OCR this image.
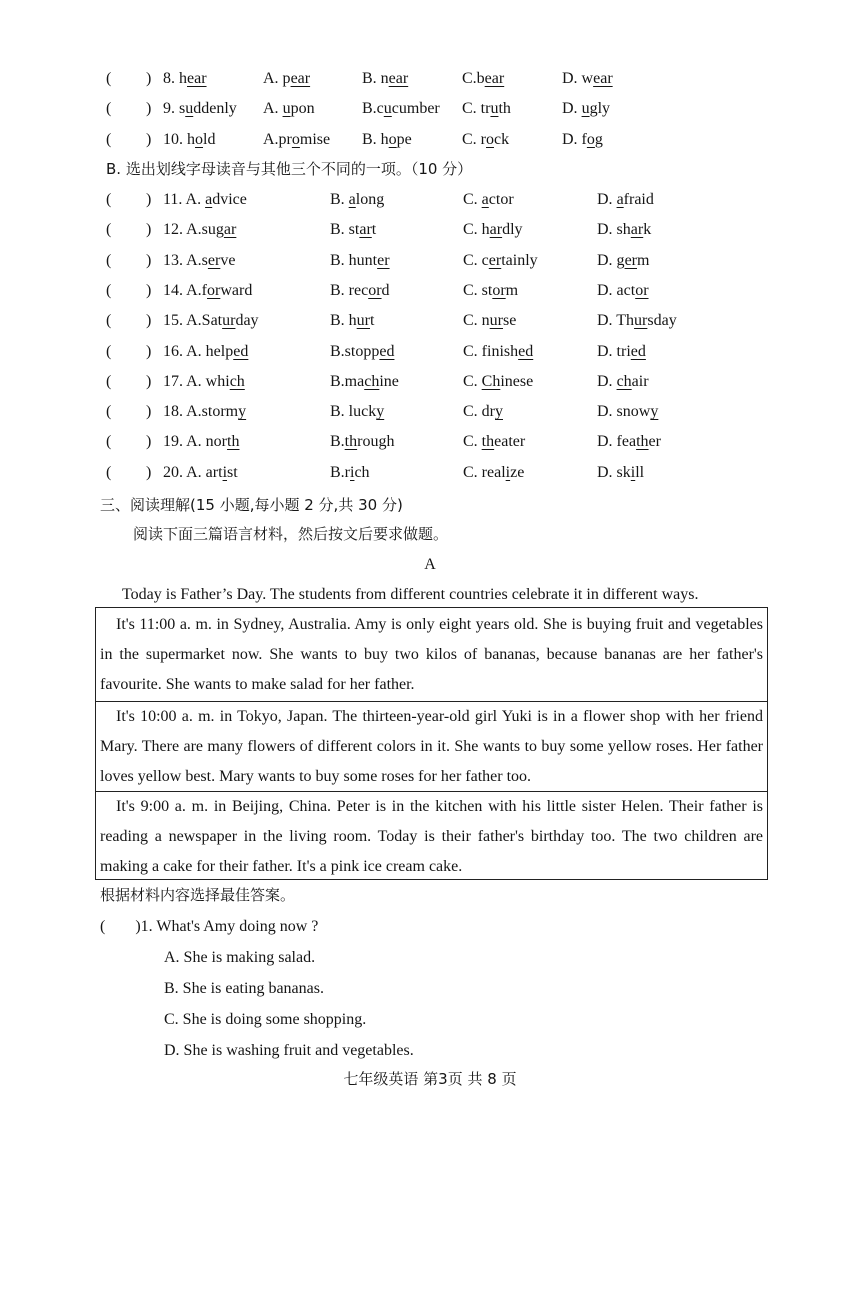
( ) 8. hear	A. pear	B. near	C.bear	D. wear
( ) 9. suddenly A. upon	B.cucumber C. truth	D. ugly
( ) 10. hold	A.promise B. hope	C. rock	D. fog
B. 选出划线字母读音与其他三个不同的一项。（10 分）
( ) 11. A. advice	B. along	C. actor	D. afraid
( ) 12. A.sugar	B. start	C. hardly	D. shark
( ) 13. A.serve	B. hunter	C. certainly	D. germ
( ) 14. A.forward	B. record	C. storm	D. actor
( ) 15. A.Saturday	B. hurt	C. nurse	D. Thursday
( ) 16. A. helped	B.stopped	C. finished	D. tried
( ) 17. A. which	B.machine	C. Chinese	D. chair
( ) 18. A.stormy	B. lucky	C. dry	D. snowy
( ) 19. A. north	B.through	C. theater	D. feather
( ) 20. A. artist	B.rich	C. realize	D. skill
三、阅读理解(15 小题,每小题 2 分,共 30 分)
阅读下面三篇语言材料，然后按文后要求做题。
A
Today is Father’s Day. The students from different countries celebrate it in different ways.
It's 11:00 a. m. in Sydney, Australia. Amy is only eight years old. She is buying fruit and vegetables in the supermarket now. She wants to buy two kilos of bananas, because bananas are her father's favourite. She wants to make salad for her father.
It's 10:00 a. m. in Tokyo, Japan. The thirteen-year-old girl Yuki is in a flower shop with her friend Mary. There are many flowers of different colors in it. She wants to buy some yellow roses. Her father loves yellow best. Mary wants to buy some roses for her father too.
It's 9:00 a. m. in Beijing, China. Peter is in the kitchen with his little sister Helen. Their father is reading a newspaper in the living room. Today is their father's birthday too. The two children are making a cake for their father. It's a pink ice cream cake.
根据材料内容选择最佳答案。
( )1. What's Amy doing now ?
A. She is making salad.
B. She is eating bananas.
C. She is doing some shopping.
D. She is washing fruit and vegetables.
七年级英语 第3页 共 8 页
